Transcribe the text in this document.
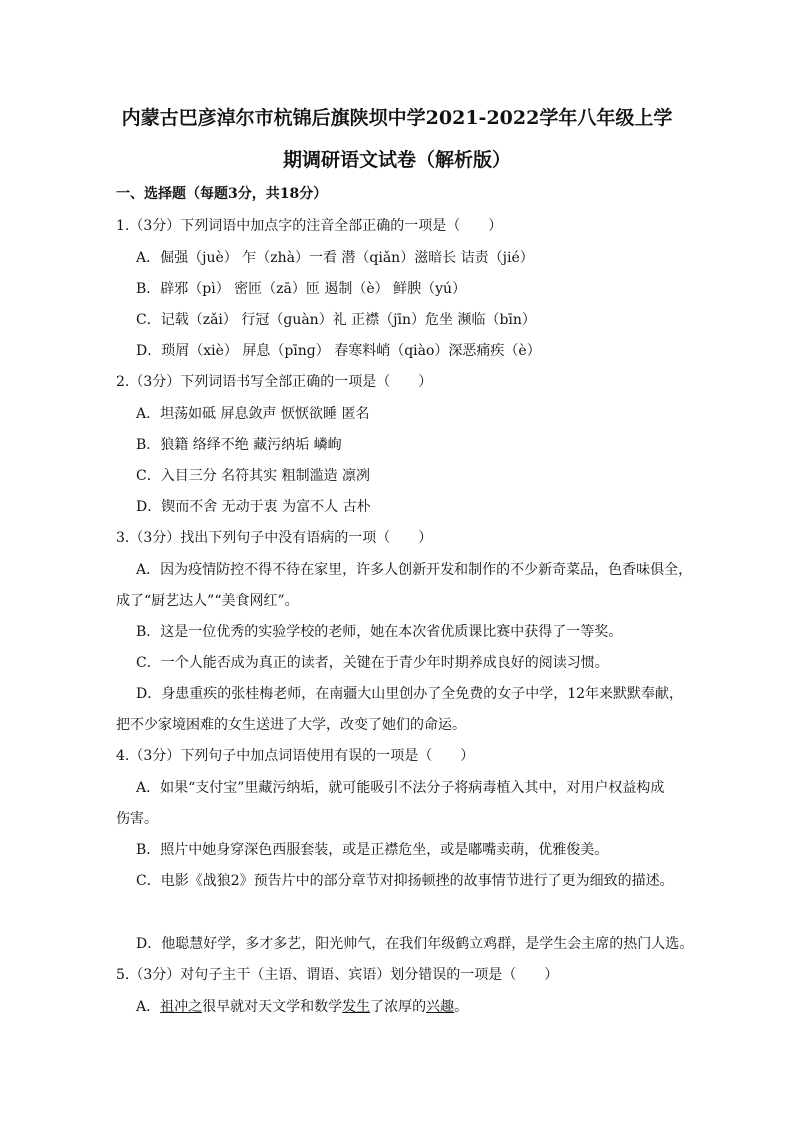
内蒙古巴彦淖尔市杭锦后旗陕坝中学2021-2022学年八年级上学
期调研语文试卷（解析版）
一、选择题（每题3分，共18分）
1.（3分）下列词语中加点字的注音全部正确的一项是（　　）
A．倔强（juè） 乍（zhà）一看 潜（qiǎn）滋暗长 诘责（jié）
B．辟邪（pì） 密匝（zā）匝 遏制（è） 鲜腴（yú）
C．记载（zǎi） 行冠（ɡuàn）礼 正襟（jīn）危坐 濒临（bīn）
D．琐屑（xiè） 屏息（pīnɡ） 春寒料峭（qiào）深恶痛疾（è）
2.（3分）下列词语书写全部正确的一项是（　　）
A．坦荡如砥 屏息敛声 恹恹欲睡 匿名
B．狼籍 络绎不绝 藏污纳垢 嶙峋
C．入目三分 名符其实 粗制滥造 凛冽
D．锲而不舍 无动于衷 为富不人 古朴
3.（3分）找出下列句子中没有语病的一项（　　）
A．因为疫情防控不得不待在家里，许多人创新开发和制作的不少新奇菜品，色香味俱全，
成了“厨艺达人”“美食网红”。
B．这是一位优秀的实验学校的老师，她在本次省优质课比赛中获得了一等奖。
C．一个人能否成为真正的读者，关键在于青少年时期养成良好的阅读习惯。
D．身患重疾的张桂梅老师，在南疆大山里创办了全免费的女子中学，12年来默默奉献，
把不少家境困难的女生送进了大学，改变了她们的命运。
4.（3分）下列句子中加点词语使用有误的一项是（　　）
A．如果“支付宝”里藏污纳垢，就可能吸引不法分子将病毒植入其中，对用户权益构成
伤害。
B．照片中她身穿深色西服套装，或是正襟危坐，或是嘟嘴卖萌，优雅俊美。
C．电影《战狼2》预告片中的部分章节对抑扬顿挫的故事情节进行了更为细致的描述。
D．他聪慧好学，多才多艺，阳光帅气，在我们年级鹤立鸡群，是学生会主席的热门人选。
5.（3分）对句子主干（主语、谓语、宾语）划分错误的一项是（　　）
A．祖冲之很早就对天文学和数学发生了浓厚的兴趣。
